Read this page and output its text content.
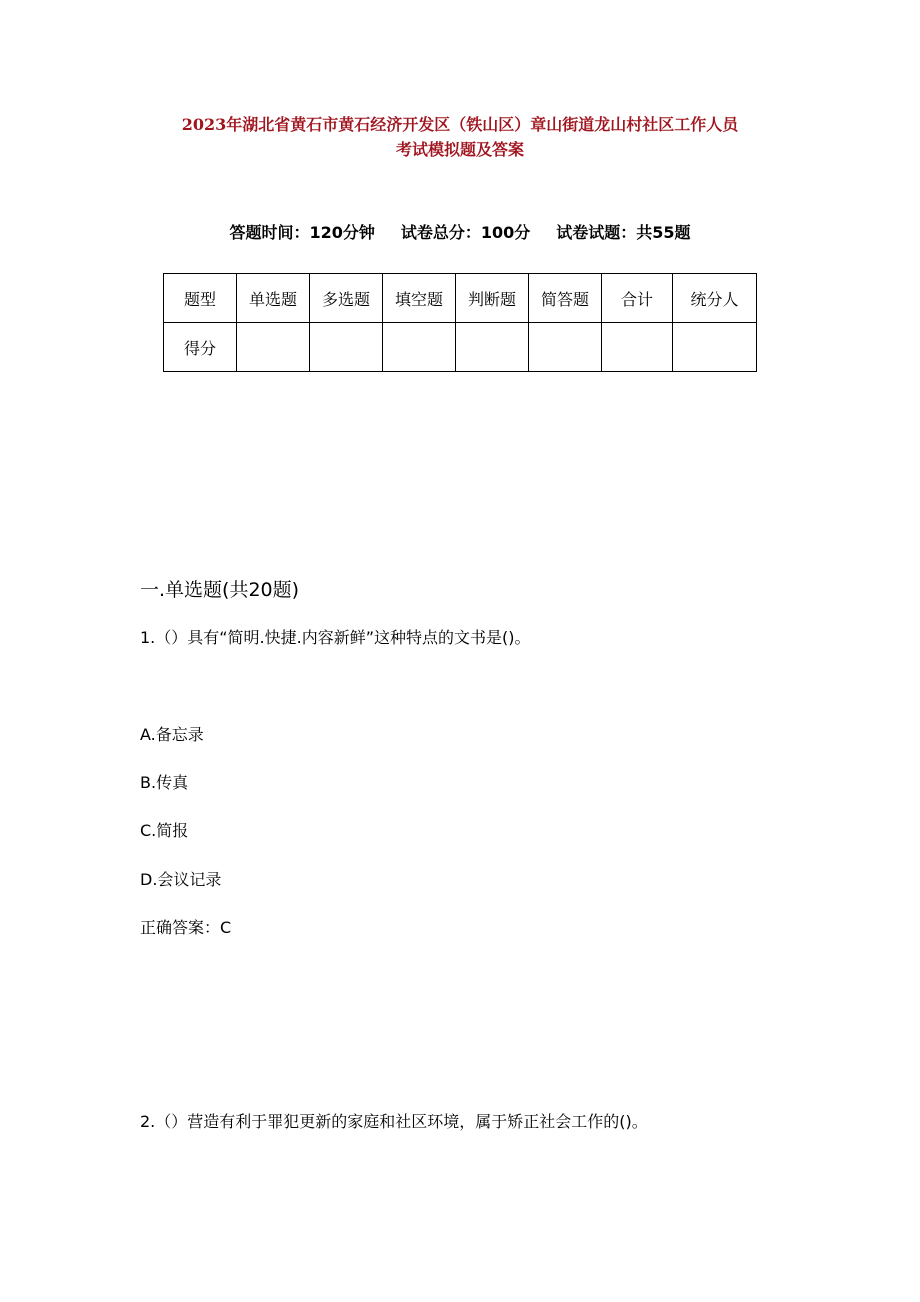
2023年湖北省黄石市黄石经济开发区（铁山区）章山街道龙山村社区工作人员
考试模拟题及答案
答题时间：120分钟 试卷总分：100分 试卷试题：共55题
题型	单选题	多选题	填空题	判断题	简答题	合计	统分人
得分							
一.单选题(共20题)
1.（）具有“简明.快捷.内容新鲜”这种特点的文书是()。
A.备忘录
B.传真
C.简报
D.会议记录
正确答案：C
2.（）营造有利于罪犯更新的家庭和社区环境，属于矫正社会工作的()。
